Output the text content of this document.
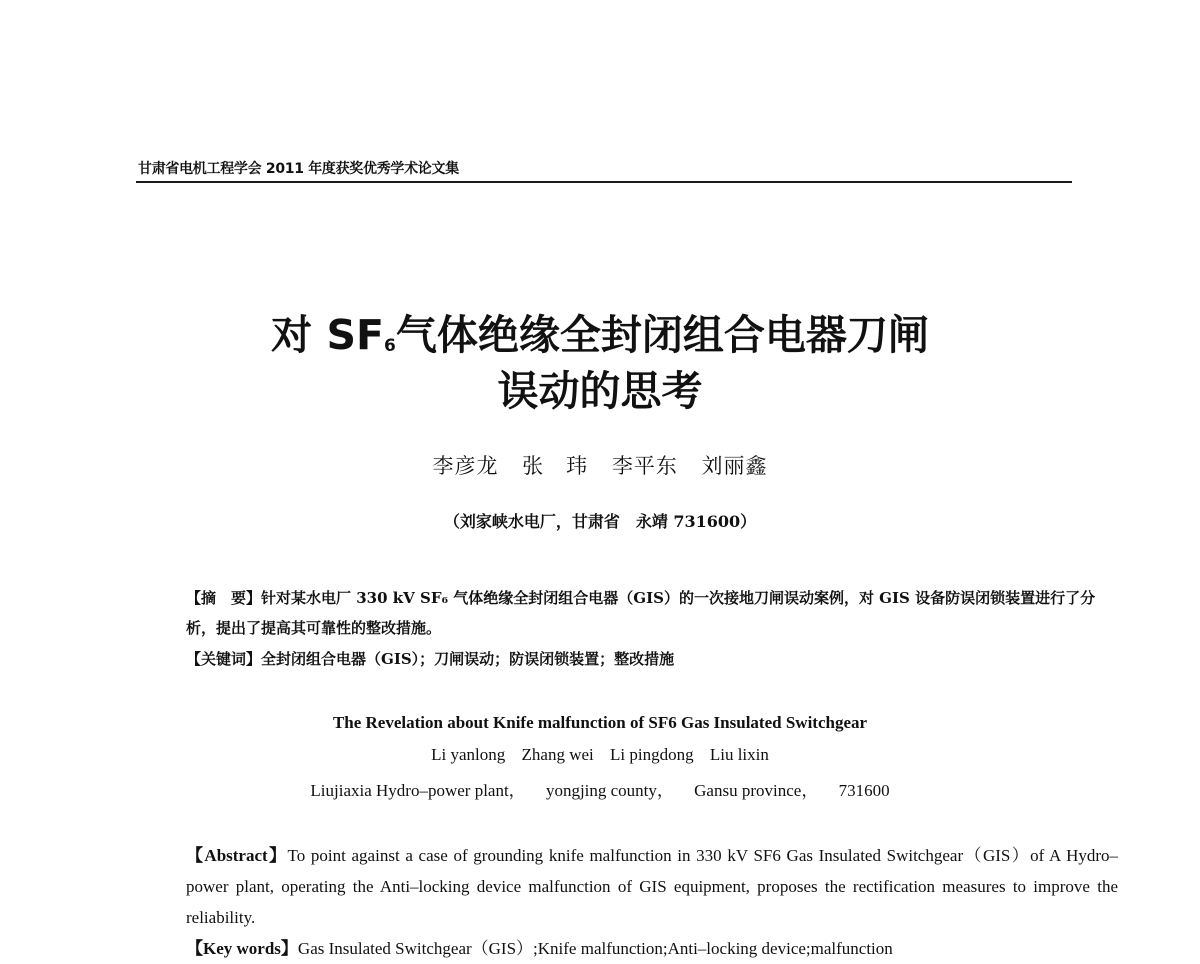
甘肃省电机工程学会 2011 年度获奖优秀学术论文集
对 $SF_6$气体绝缘全封闭组合电器刀闸
误动的思考
李彦龙 张　玮 李平东 刘丽鑫
（刘家峡水电厂，甘肃省　永靖 731600）
【摘　要】针对某水电厂 330 kV SF₆ 气体绝缘全封闭组合电器（GIS）的一次接地刀闸误动案例，对 GIS 设备防误闭锁装置进行了分析，提出了提高其可靠性的整改措施。
【关键词】全封闭组合电器（GIS）；刀闸误动；防误闭锁装置；整改措施
The Revelation about Knife malfunction of SF6 Gas Insulated Switchgear
Li yanlong Zhang wei Li pingdong Liu lixin
Liujiaxia Hydro–power plant， yongjing county， Gansu province， 731600
【Abstract】To point against a case of grounding knife malfunction in 330 kV SF6 Gas Insulated Switchgear（GIS）of A Hydro–power plant, operating the Anti–locking device malfunction of GIS equipment, proposes the rectification measures to improve the reliability.
【Key words】Gas Insulated Switchgear（GIS）;Knife malfunction;Anti–locking device;malfunction
